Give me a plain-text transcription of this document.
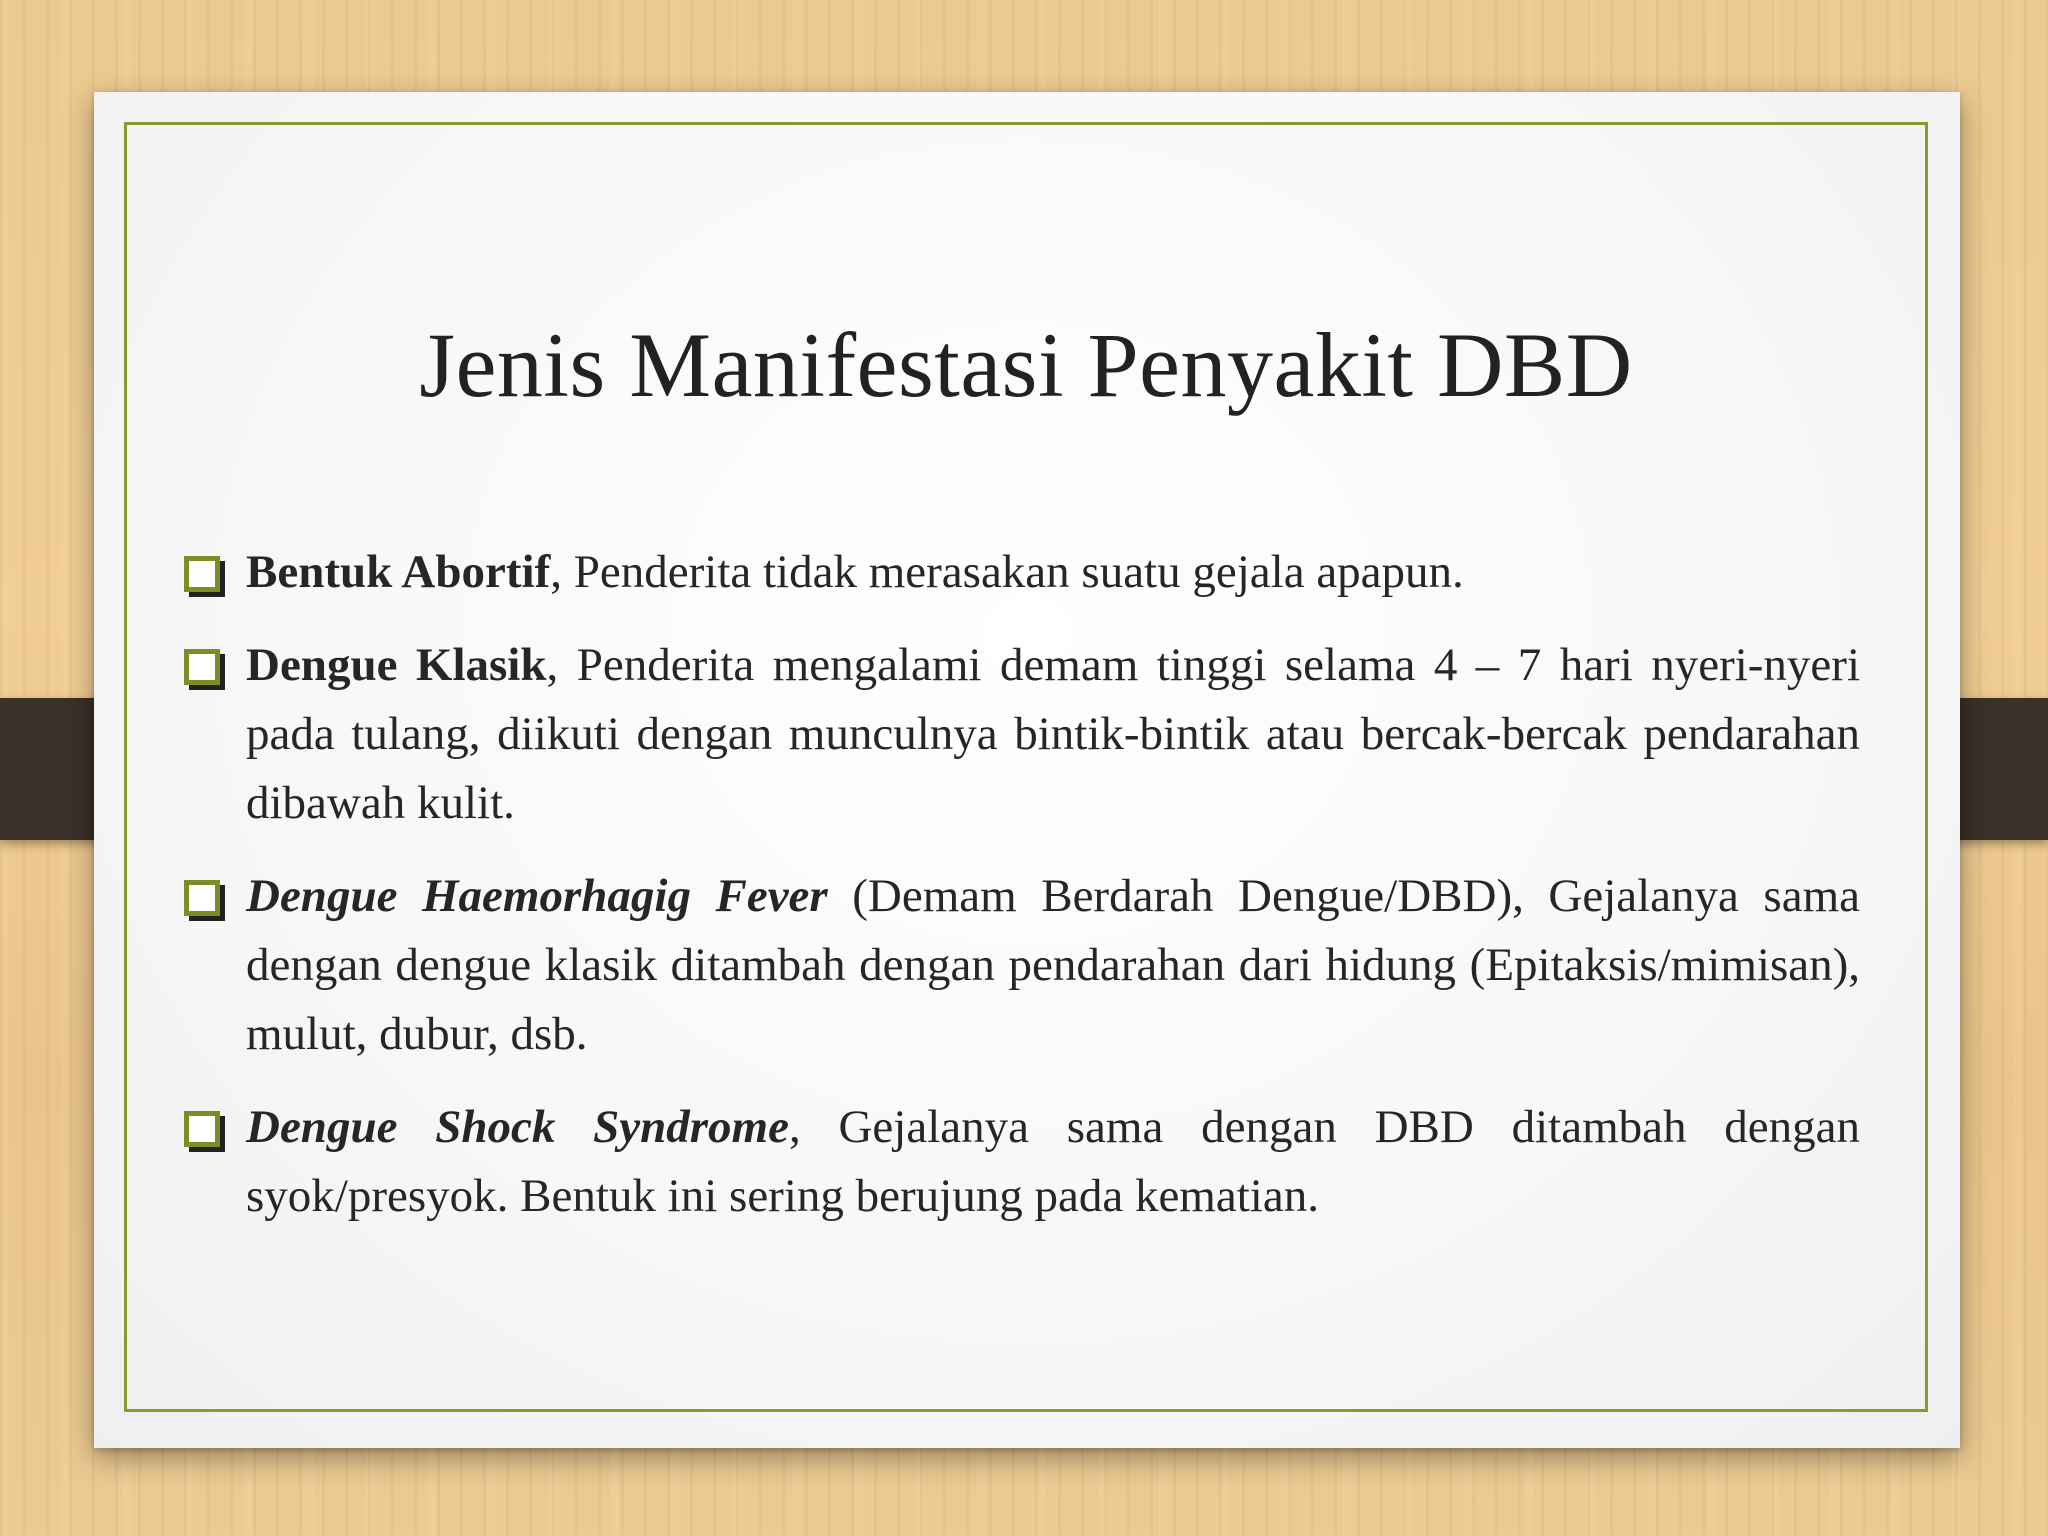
Jenis Manifestasi Penyakit DBD
Bentuk Abortif, Penderita tidak merasakan suatu gejala apapun.
Dengue Klasik, Penderita mengalami demam tinggi selama 4 – 7 hari nyeri-nyeri pada tulang, diikuti dengan munculnya bintik-bintik atau bercak-bercak pendarahan dibawah kulit.
Dengue Haemorhagig Fever (Demam Berdarah Dengue/DBD), Gejalanya sama dengan dengue klasik ditambah dengan pendarahan dari hidung (Epitaksis/mimisan), mulut, dubur, dsb.
Dengue Shock Syndrome, Gejalanya sama dengan DBD ditambah dengan syok/presyok. Bentuk ini sering berujung pada kematian.
